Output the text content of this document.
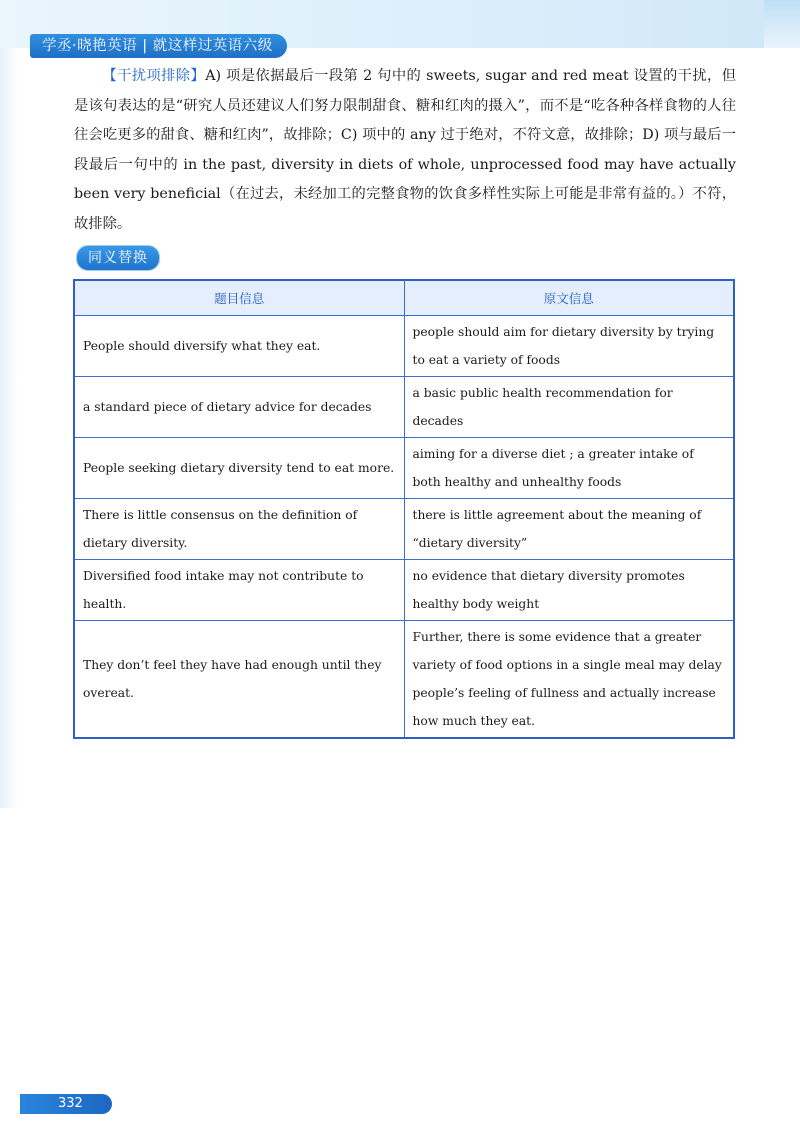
学丞·晓艳英语 | 就这样过英语六级

【干扰项排除】A) 项是依据最后一段第 2 句中的 sweets, sugar and red meat 设置的干扰，但是该句表达的是“研究人员还建议人们努力限制甜食、糖和红肉的摄入”，而不是“吃各种各样食物的人往往会吃更多的甜食、糖和红肉”，故排除；C) 项中的 any 过于绝对，不符文意，故排除；D) 项与最后一段最后一句中的 in the past, diversity in diets of whole, unprocessed food may have actually been very beneficial（在过去，未经加工的完整食物的饮食多样性实际上可能是非常有益的。）不符，故排除。

同义替换
题目信息	原文信息
People should diversify what they eat.	people should aim for dietary diversity by trying to eat a variety of foods
a standard piece of dietary advice for decades	a basic public health recommendation for decades
People seeking dietary diversity tend to eat more.	aiming for a diverse diet ; a greater intake of both healthy and unhealthy foods
There is little consensus on the definition of dietary diversity.	there is little agreement about the meaning of “dietary diversity”
Diversified food intake may not contribute to health.	no evidence that dietary diversity promotes healthy body weight
They don’t feel they have had enough until they overeat.	Further, there is some evidence that a greater variety of food options in a single meal may delay people’s feeling of fullness and actually increase how much they eat.
332
